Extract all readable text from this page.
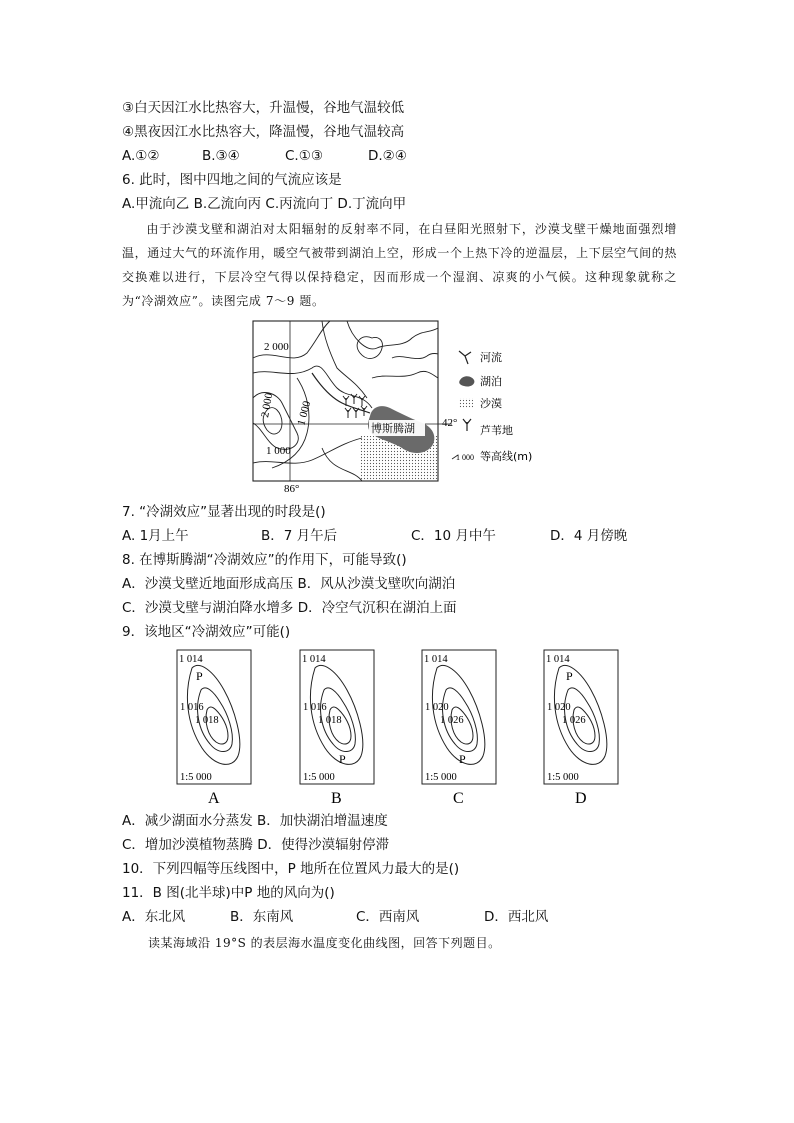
③白天因江水比热容大，升温慢，谷地气温较低
④黑夜因江水比热容大，降温慢，谷地气温较高
A.①②	B.③④	C.①③	D.②④
6. 此时，图中四地之间的气流应该是
A.甲流向乙 B.乙流向丙 C.丙流向丁 D.丁流向甲
由于沙漠戈壁和湖泊对太阳辐射的反射率不同，在白昼阳光照射下，沙漠戈壁干燥地面强烈增温，通过大气的环流作用，暖空气被带到湖泊上空，形成一个上热下冷的逆温层，上下层空气间的热交换难以进行，下层冷空气得以保持稳定，因而形成一个湿润、凉爽的小气候。这种现象就称之为“冷湖效应”。读图完成 7～9 题。
博斯腾湖
2 000
2 000 1 000
1 000
42°
86°
河流
湖泊
沙漠
芦苇地
1 000 等高线(m)
7. “冷湖效应”显著出现的时段是()
A. 1月上午	B．7 月午后	C．10 月中午	D．4 月傍晚
8. 在博斯腾湖“冷湖效应”的作用下，可能导致()
A．沙漠戈壁近地面形成高压 B．风从沙漠戈壁吹向湖泊
C．沙漠戈壁与湖泊降水增多 D．冷空气沉积在湖泊上面
9．该地区“冷湖效应”可能()
1 014
1 016
1 018
1:5 000
P
A
1 014
1 016
1 018
1:5 000
P
B
1 014
1 020
1 026
1:5 000
P
C
1 014
1 020
1 026
1:5 000
P
D
A．减少湖面水分蒸发 B．加快湖泊增温速度
C．增加沙漠植物蒸腾 D．使得沙漠辐射停滞
10．下列四幅等压线图中，P 地所在位置风力最大的是()
11．B 图(北半球)中P 地的风向为()
A．东北风	B．东南风	C．西南风	D．西北风
读某海域沿 19°S 的表层海水温度变化曲线图，回答下列题目。
